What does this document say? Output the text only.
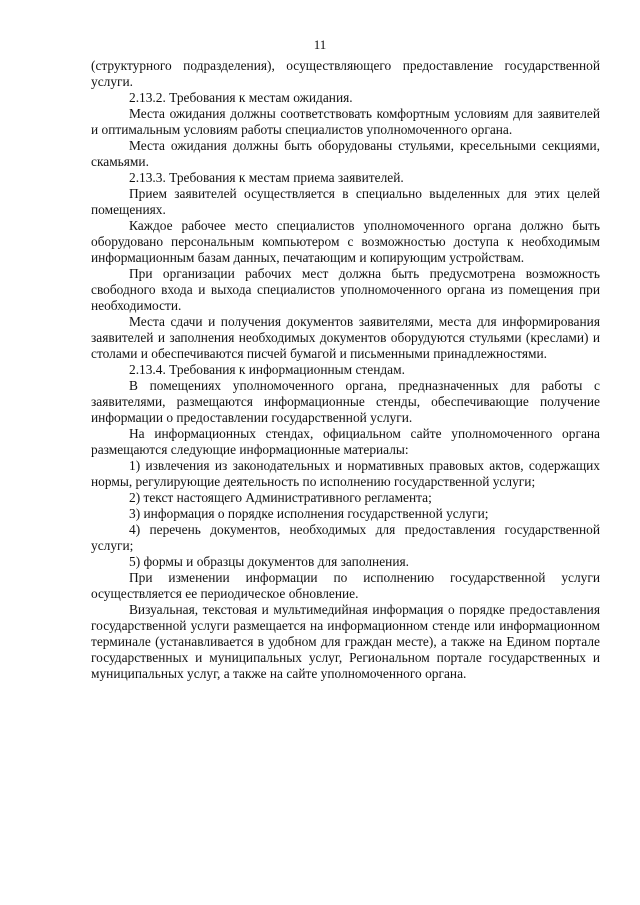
11

(структурного подразделения), осуществляющего предоставление государственной услуги.

2.13.2. Требования к местам ожидания.

Места ожидания должны соответствовать комфортным условиям для заявителей и оптимальным условиям работы специалистов уполномоченного органа.

Места ожидания должны быть оборудованы стульями, кресельными секциями, скамьями.

2.13.3. Требования к местам приема заявителей.

Прием заявителей осуществляется в специально выделенных для этих целей помещениях.

Каждое рабочее место специалистов уполномоченного органа должно быть оборудовано персональным компьютером с возможностью доступа к необходимым информационным базам данных, печатающим и копирующим устройствам.

При организации рабочих мест должна быть предусмотрена возможность свободного входа и выхода специалистов уполномоченного органа из помещения при необходимости.

Места сдачи и получения документов заявителями, места для информирования заявителей и заполнения необходимых документов оборудуются стульями (креслами) и столами и обеспечиваются писчей бумагой и письменными принадлежностями.

2.13.4. Требования к информационным стендам.

В помещениях уполномоченного органа, предназначенных для работы с заявителями, размещаются информационные стенды, обеспечивающие получение информации о предоставлении государственной услуги.

На информационных стендах, официальном сайте уполномоченного органа размещаются следующие информационные материалы:

1) извлечения из законодательных и нормативных правовых актов, содержащих нормы, регулирующие деятельность по исполнению государственной услуги;

2) текст настоящего Административного регламента;

3) информация о порядке исполнения государственной услуги;

4) перечень документов, необходимых для предоставления государственной услуги;

5) формы и образцы документов для заполнения.

При изменении информации по исполнению государственной услуги осуществляется ее периодическое обновление.

Визуальная, текстовая и мультимедийная информация о порядке предоставления государственной услуги размещается на информационном стенде или информационном терминале (устанавливается в удобном для граждан месте), а также на Едином портале государственных и муниципальных услуг, Региональном портале государственных и муниципальных услуг, а также на сайте уполномоченного органа.
